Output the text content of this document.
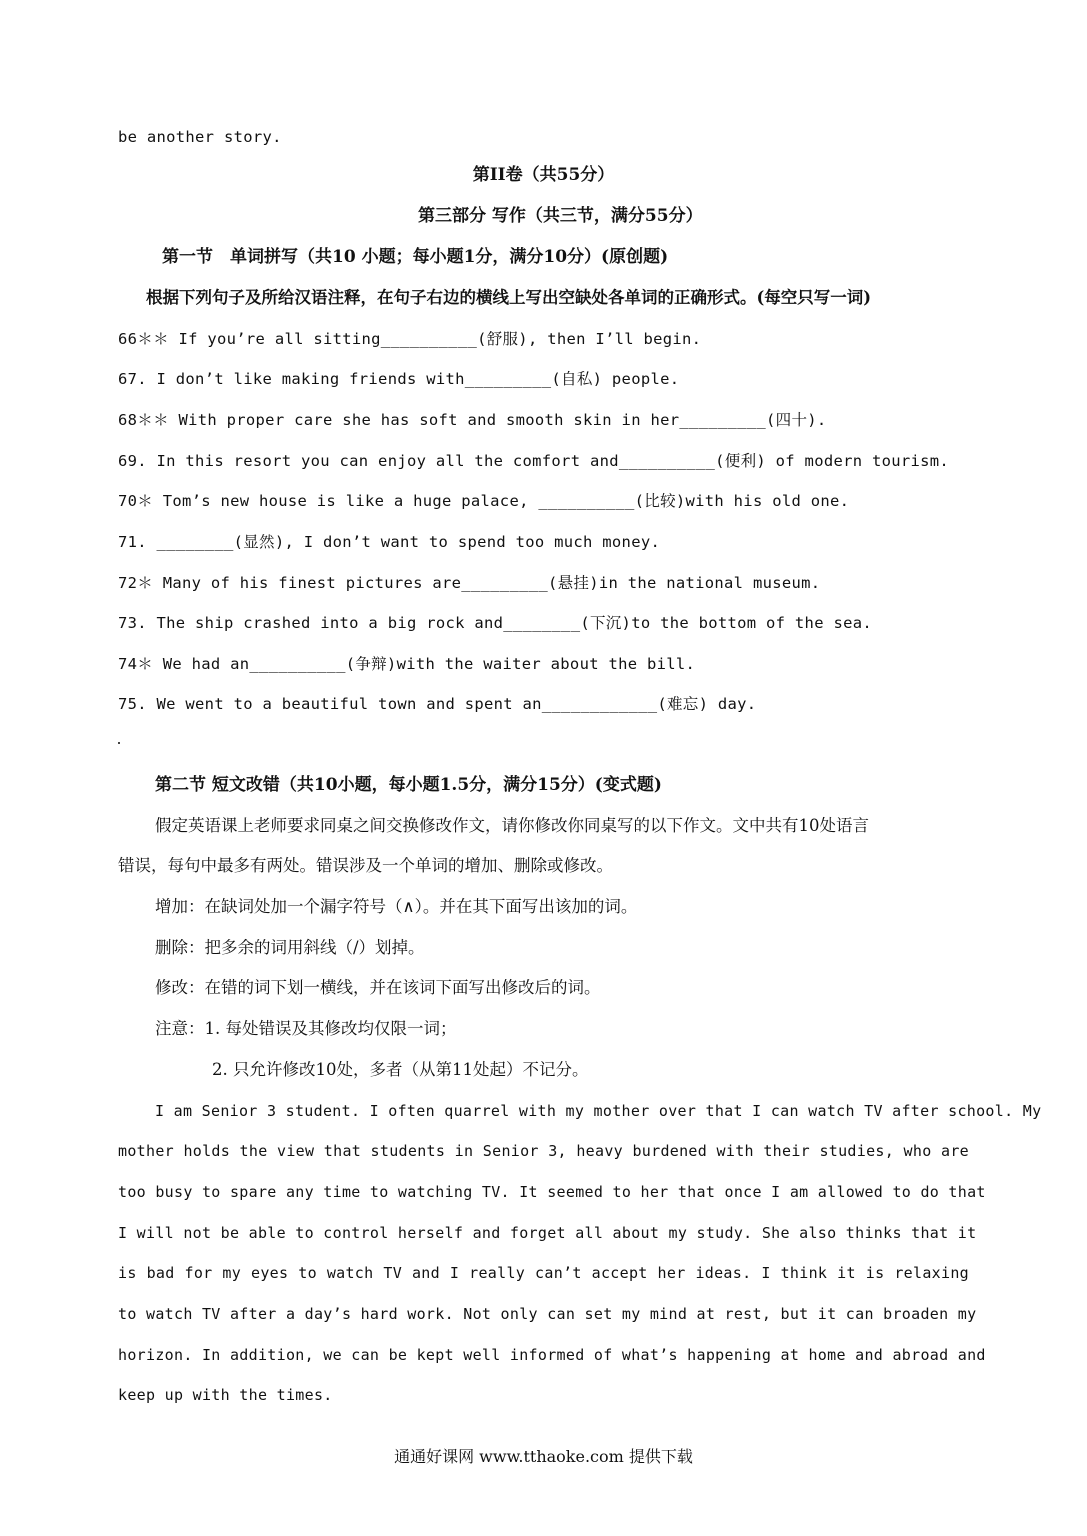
be another story.
第II卷（共55分）
第三部分 写作（共三节，满分55分）
第一节　单词拼写（共10 小题；每小题1分，满分10分）(原创题)
根据下列句子及所给汉语注释，在句子右边的横线上写出空缺处各单词的正确形式。(每空只写一词)
66＊＊ If you’re all sitting__________(舒服), then I’ll begin.
67. I don’t like making friends with_________(自私) people.
68＊＊ With proper care she has soft and smooth skin in her_________(四十).
69. In this resort you can enjoy all the comfort and__________(便利) of modern tourism.
70＊ Tom’s new house is like a huge palace, __________(比较)with his old one.
71. ________(显然), I don’t want to spend too much money.
72＊ Many of his finest pictures are_________(悬挂)in the national museum.
73. The ship crashed into a big rock and________(下沉)to the bottom of the sea.
74＊ We had an__________(争辩)with the waiter about the bill.
75. We went to a beautiful town and spent an____________(难忘) day.
第二节 短文改错（共10小题，每小题1.5分，满分15分）(变式题)
假定英语课上老师要求同桌之间交换修改作文，请你修改你同桌写的以下作文。文中共有10处语言
错误，每句中最多有两处。错误涉及一个单词的增加、删除或修改。
增加：在缺词处加一个漏字符号（∧）。并在其下面写出该加的词。
删除：把多余的词用斜线（/）划掉。
修改：在错的词下划一横线，并在该词下面写出修改后的词。
注意：1. 每处错误及其修改均仅限一词；
2. 只允许修改10处，多者（从第11处起）不记分。
I am Senior 3 student. I often quarrel with my mother over that I can watch TV after school. My
mother holds the view that students in Senior 3, heavy burdened with their studies, who are
too busy to spare any time to watching TV. It seemed to her that once I am allowed to do that
I will not be able to control herself and forget all about my study. She also thinks that it
is bad for my eyes to watch TV and I really can’t accept her ideas. I think it is relaxing
to watch TV after a day’s hard work. Not only can set my mind at rest, but it can broaden my
horizon. In addition, we can be kept well informed of what’s happening at home and abroad and
keep up with the times.
通通好课网 www.tthaoke.com 提供下载
